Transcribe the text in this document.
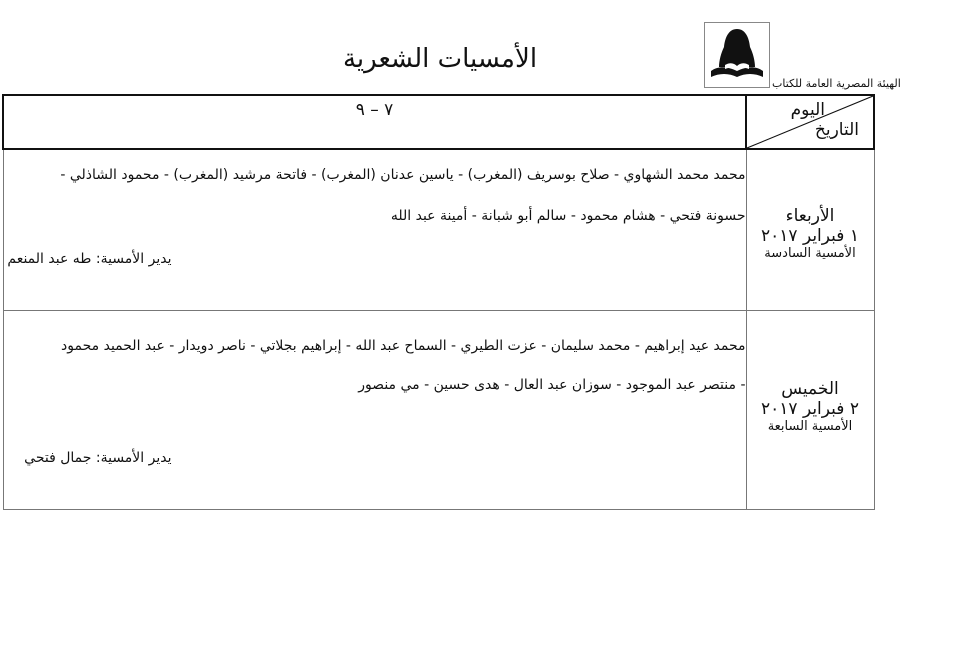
الهيئة المصرية العامة للكتاب
الأمسيات الشعرية
اليوم
التاريخ	٧ – ٩

الأربعاء
١ فبراير ٢٠١٧
الأمسية السادسة	محمد محمد الشهاوي - صلاح بوسريف (المغرب) - ياسين عدنان (المغرب) - فاتحة مرشيد (المغرب) - محمود الشاذلي -
حسونة فتحي - هشام محمود - سالم أبو شبانة - أمينة عبد الله
يدير الأمسية: طه عبد المنعم

الخميس
٢ فبراير ٢٠١٧
الأمسية السابعة	محمد عيد إبراهيم - محمد سليمان - عزت الطيري - السماح عبد الله - إبراهيم بجلاتي - ناصر دويدار - عبد الحميد محمود
- منتصر عبد الموجود - سوزان عبد العال - هدى حسين - مي منصور
يدير الأمسية: جمال فتحي
